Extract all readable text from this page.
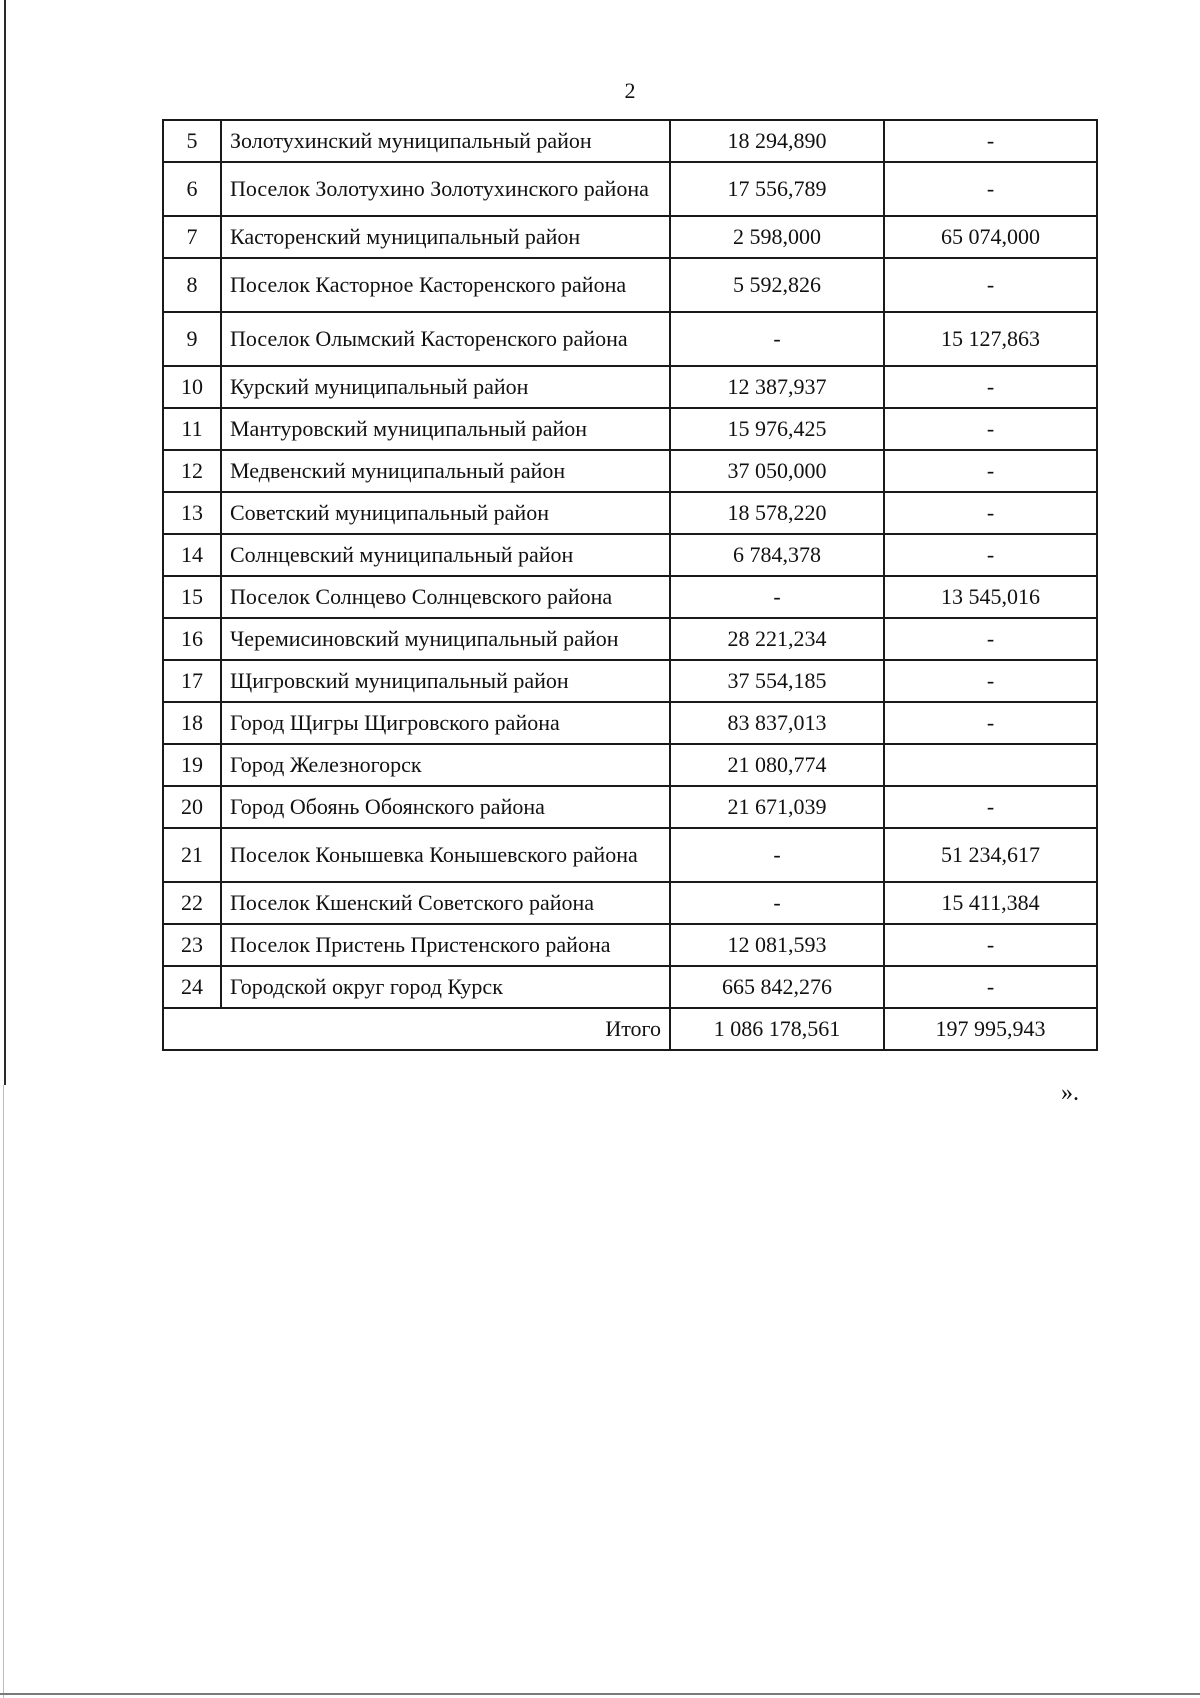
2
5	Золотухинский муниципальный район	18 294,890	-
6	Поселок Золотухино Золотухинского района	17 556,789	-
7	Касторенский муниципальный район	2 598,000	65 074,000
8	Поселок Касторное Касторенского района	5 592,826	-
9	Поселок Олымский Касторенского района	-	15 127,863
10	Курский муниципальный район	12 387,937	-
11	Мантуровский муниципальный район	15 976,425	-
12	Медвенский муниципальный район	37 050,000	-
13	Советский муниципальный район	18 578,220	-
14	Солнцевский муниципальный район	6 784,378	-
15	Поселок Солнцево Солнцевского района	-	13 545,016
16	Черемисиновский муниципальный район	28 221,234	-
17	Щигровский муниципальный район	37 554,185	-
18	Город Щигры Щигровского района	83 837,013	-
19	Город Железногорск	21 080,774	
20	Город Обоянь Обоянского района	21 671,039	-
21	Поселок Конышевка Конышевского района	-	51 234,617
22	Поселок Кшенский Советского района	-	15 411,384
23	Поселок Пристень Пристенского района	12 081,593	-
24	Городской округ город Курск	665 842,276	-
Итого		1 086 178,561	197 995,943
».
